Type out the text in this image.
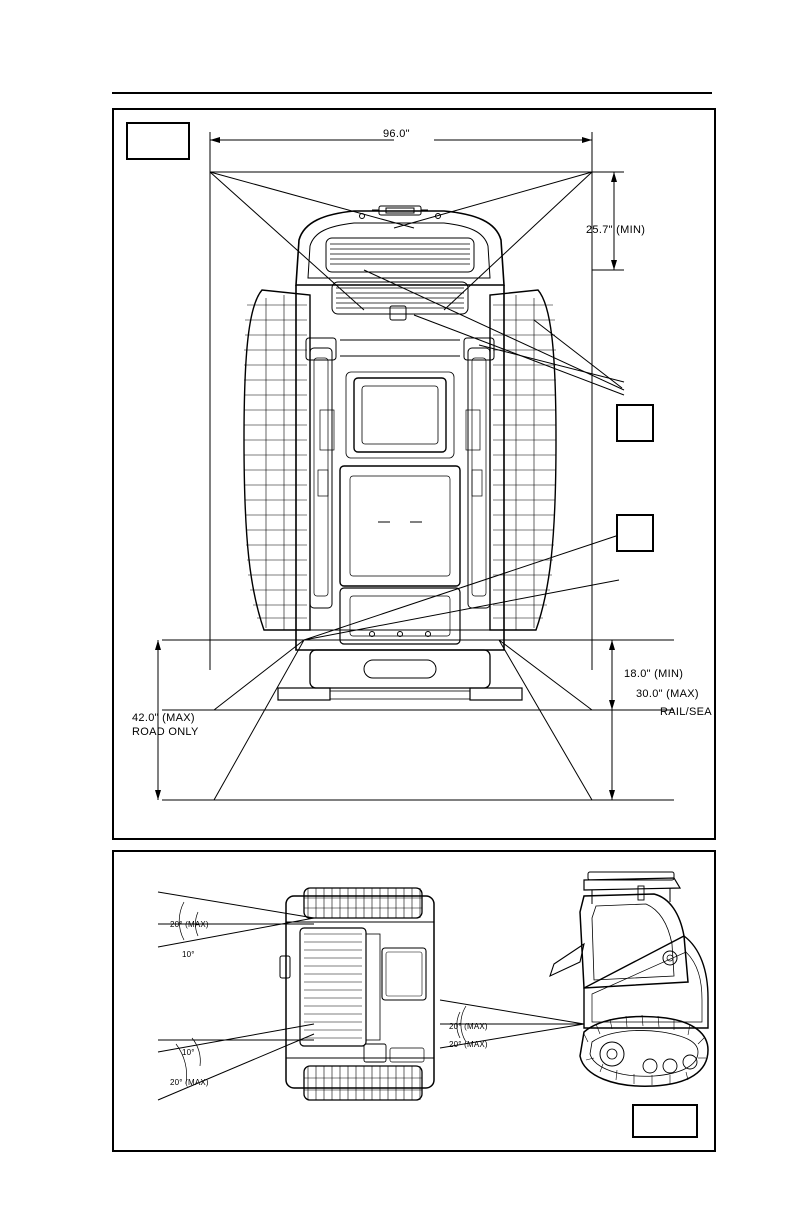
96.0"
25.7" (MIN)
18.0" (MIN)
30.0" (MAX)
RAIL/SEA
42.0" (MAX)
ROAD ONLY
20° (MAX)
10°
10°
20° (MAX)
20° (MAX)
20° (MAX)
